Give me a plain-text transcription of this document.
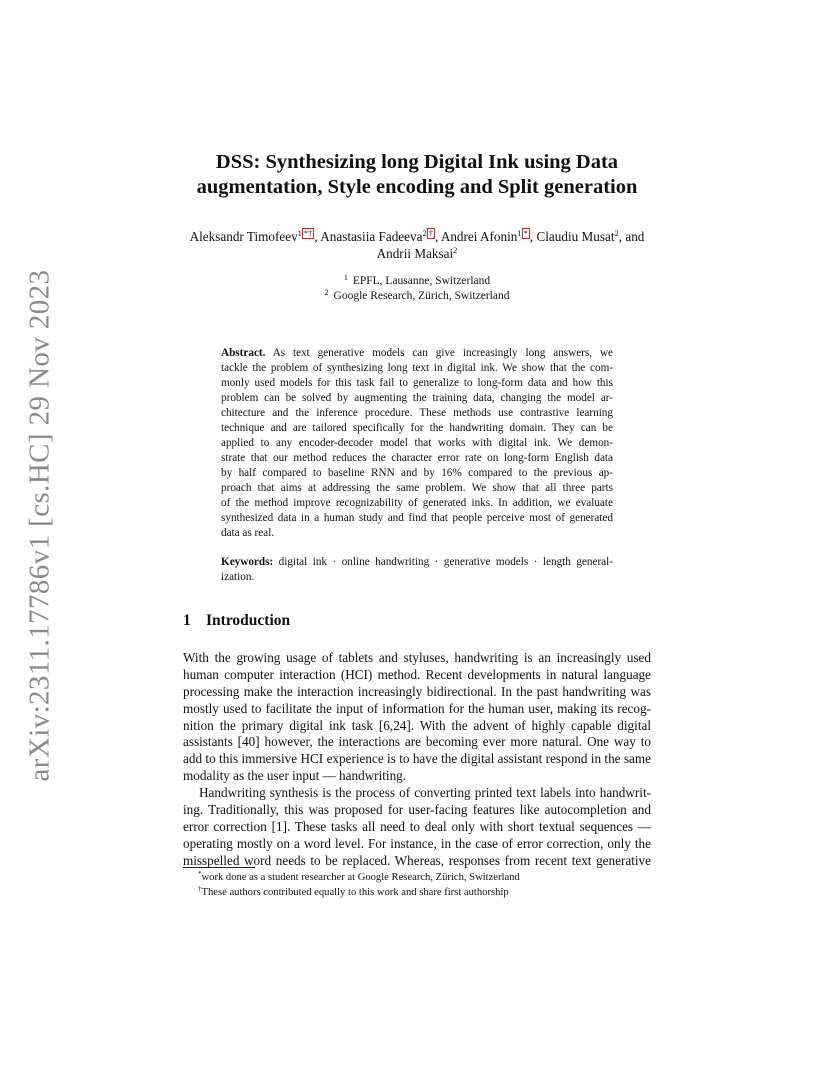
arXiv:2311.17786v1 [cs.HC] 29 Nov 2023
DSS: Synthesizing long Digital Ink using Data
augmentation, Style encoding and Split generation
Aleksandr Timofeev$^1$ *† , Anastasiia Fadeeva$^2$ † , Andrei Afonin$^1$ * , Claudiu Musat$^2$, and
Andrii Maksai$^2$
$^1$ EPFL, Lausanne, Switzerland
$^2$ Google Research, Zürich, Switzerland
Abstract. As text generative models can give increasingly long answers, we
tackle the problem of synthesizing long text in digital ink. We show that the com-
monly used models for this task fail to generalize to long-form data and how this
problem can be solved by augmenting the training data, changing the model ar-
chitecture and the inference procedure. These methods use contrastive learning
technique and are tailored specifically for the handwriting domain. They can be
applied to any encoder-decoder model that works with digital ink. We demon-
strate that our method reduces the character error rate on long-form English data
by half compared to baseline RNN and by 16% compared to the previous ap-
proach that aims at addressing the same problem. We show that all three parts
of the method improve recognizability of generated inks. In addition, we evaluate
synthesized data in a human study and find that people perceive most of generated
data as real.
Keywords: digital ink · online handwriting · generative models · length general-
ization.
1 Introduction
With the growing usage of tablets and styluses, handwriting is an increasingly used
human computer interaction (HCI) method. Recent developments in natural language
processing make the interaction increasingly bidirectional. In the past handwriting was
mostly used to facilitate the input of information for the human user, making its recog-
nition the primary digital ink task [6,24]. With the advent of highly capable digital
assistants [40] however, the interactions are becoming ever more natural. One way to
add to this immersive HCI experience is to have the digital assistant respond in the same
modality as the user input — handwriting.
Handwriting synthesis is the process of converting printed text labels into handwrit-
ing. Traditionally, this was proposed for user-facing features like autocompletion and
error correction [1]. These tasks all need to deal only with short textual sequences —
operating mostly on a word level. For instance, in the case of error correction, only the
misspelled word needs to be replaced. Whereas, responses from recent text generative
*work done as a student researcher at Google Research, Zürich, Switzerland
†These authors contributed equally to this work and share first authorship
